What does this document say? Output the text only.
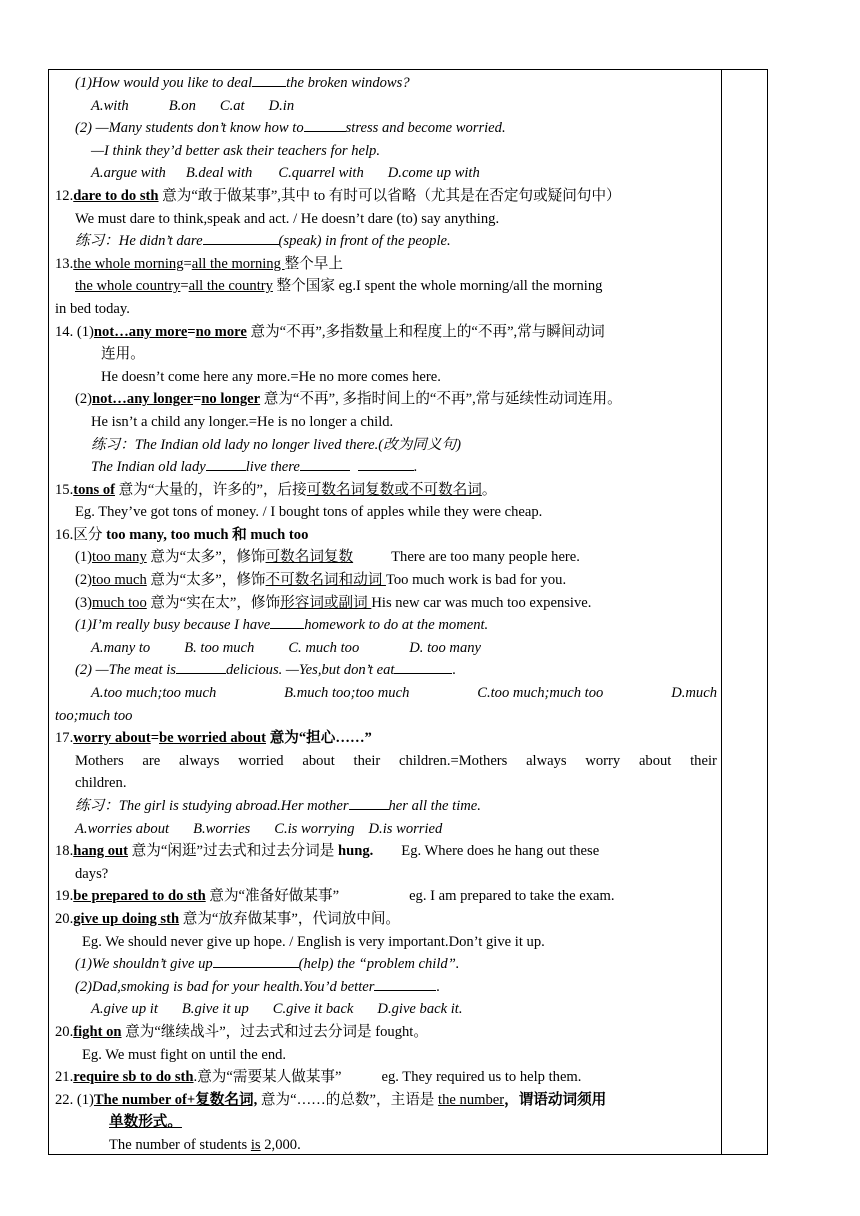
(1)How would you like to deal the broken windows?
A.with	B.on C.at D.in
(2) —Many students don’t know how to	stress and become worried.
—I think they’d better ask their teachers for help.
A.argue with B.deal with C.quarrel with D.come up with
12.dare to do sth 意为“敢于做某事”,其中 to 有时可以省略（尤其是在否定句或疑问句中）
We must dare to think,speak and act. / He doesn’t dare (to) say anything.
练习：He didn’t dare	(speak) in front of the people.
13.the whole morning=all the morning 整个早上
the whole country=all the country 整个国家 eg.I spent the whole morning/all the morning
in bed today.
14. (1)not…any more=no more 意为“不再”,多指数量上和程度上的“不再”,常与瞬间动词
连用。
He doesn’t come here any more.=He no more comes here.
(2)not…any longer=no longer 意为“不再”, 多指时间上的“不再”,常与延续性动词连用。
He isn’t a child any longer.=He is no longer a child.
练习：The Indian old lady no longer lived there.(改为同义句)
The Indian old lady	live there	.
15.tons of 意为“大量的，许多的”，后接可数名词复数或不可数名词。
Eg. They’ve got tons of money. / I bought tons of apples while they were cheap.
16.区分 too many, too much 和 much too
(1)too many 意为“太多”，修饰可数名词复数	There are too many people here.
(2)too much 意为“太多”，修饰不可数名词和动词 Too much work is bad for you.
(3)much too 意为“实在太”，修饰形容词或副词 His new car was much too expensive.
(1)I’m really busy because I have homework to do at the moment.
A.many to B. too much C. much too	D. too many
(2) —The meat is	delicious. —Yes,but don’t eat	.
A.too much;too much	B.much too;too much	C.too much;much too	D.much
too;much too
17.worry about=be worried about 意为“担心……”
Mothers are always worried about their children.=Mothers always worry about their
children.
练习：The girl is studying abroad.Her mother	her all the time.
A.worries about B.worries C.is worrying D.is worried
18.hang out 意为“闲逛”过去式和过去分词是 hung. Eg. Where does he hang out these
days?
19.be prepared to do sth 意为“准备好做某事”	eg. I am prepared to take the exam.
20.give up doing sth 意为“放弃做某事”，代词放中间。
Eg. We should never give up hope. / English is very important.Don’t give it up.
(1)We shouldn’t give up	(help) the “problem child”.
(2)Dad,smoking is bad for your health.You’d better	.
A.give up it B.give it up C.give it back D.give back it.
20.fight on 意为“继续战斗”，过去式和过去分词是 fought。
Eg. We must fight on until the end.
21.require sb to do sth.意为“需要某人做某事”	eg. They required us to help them.
22. (1)The number of+复数名词, 意为“……的总数”，主语是 the number，谓语动词须用
单数形式。
The number of students is 2,000.
